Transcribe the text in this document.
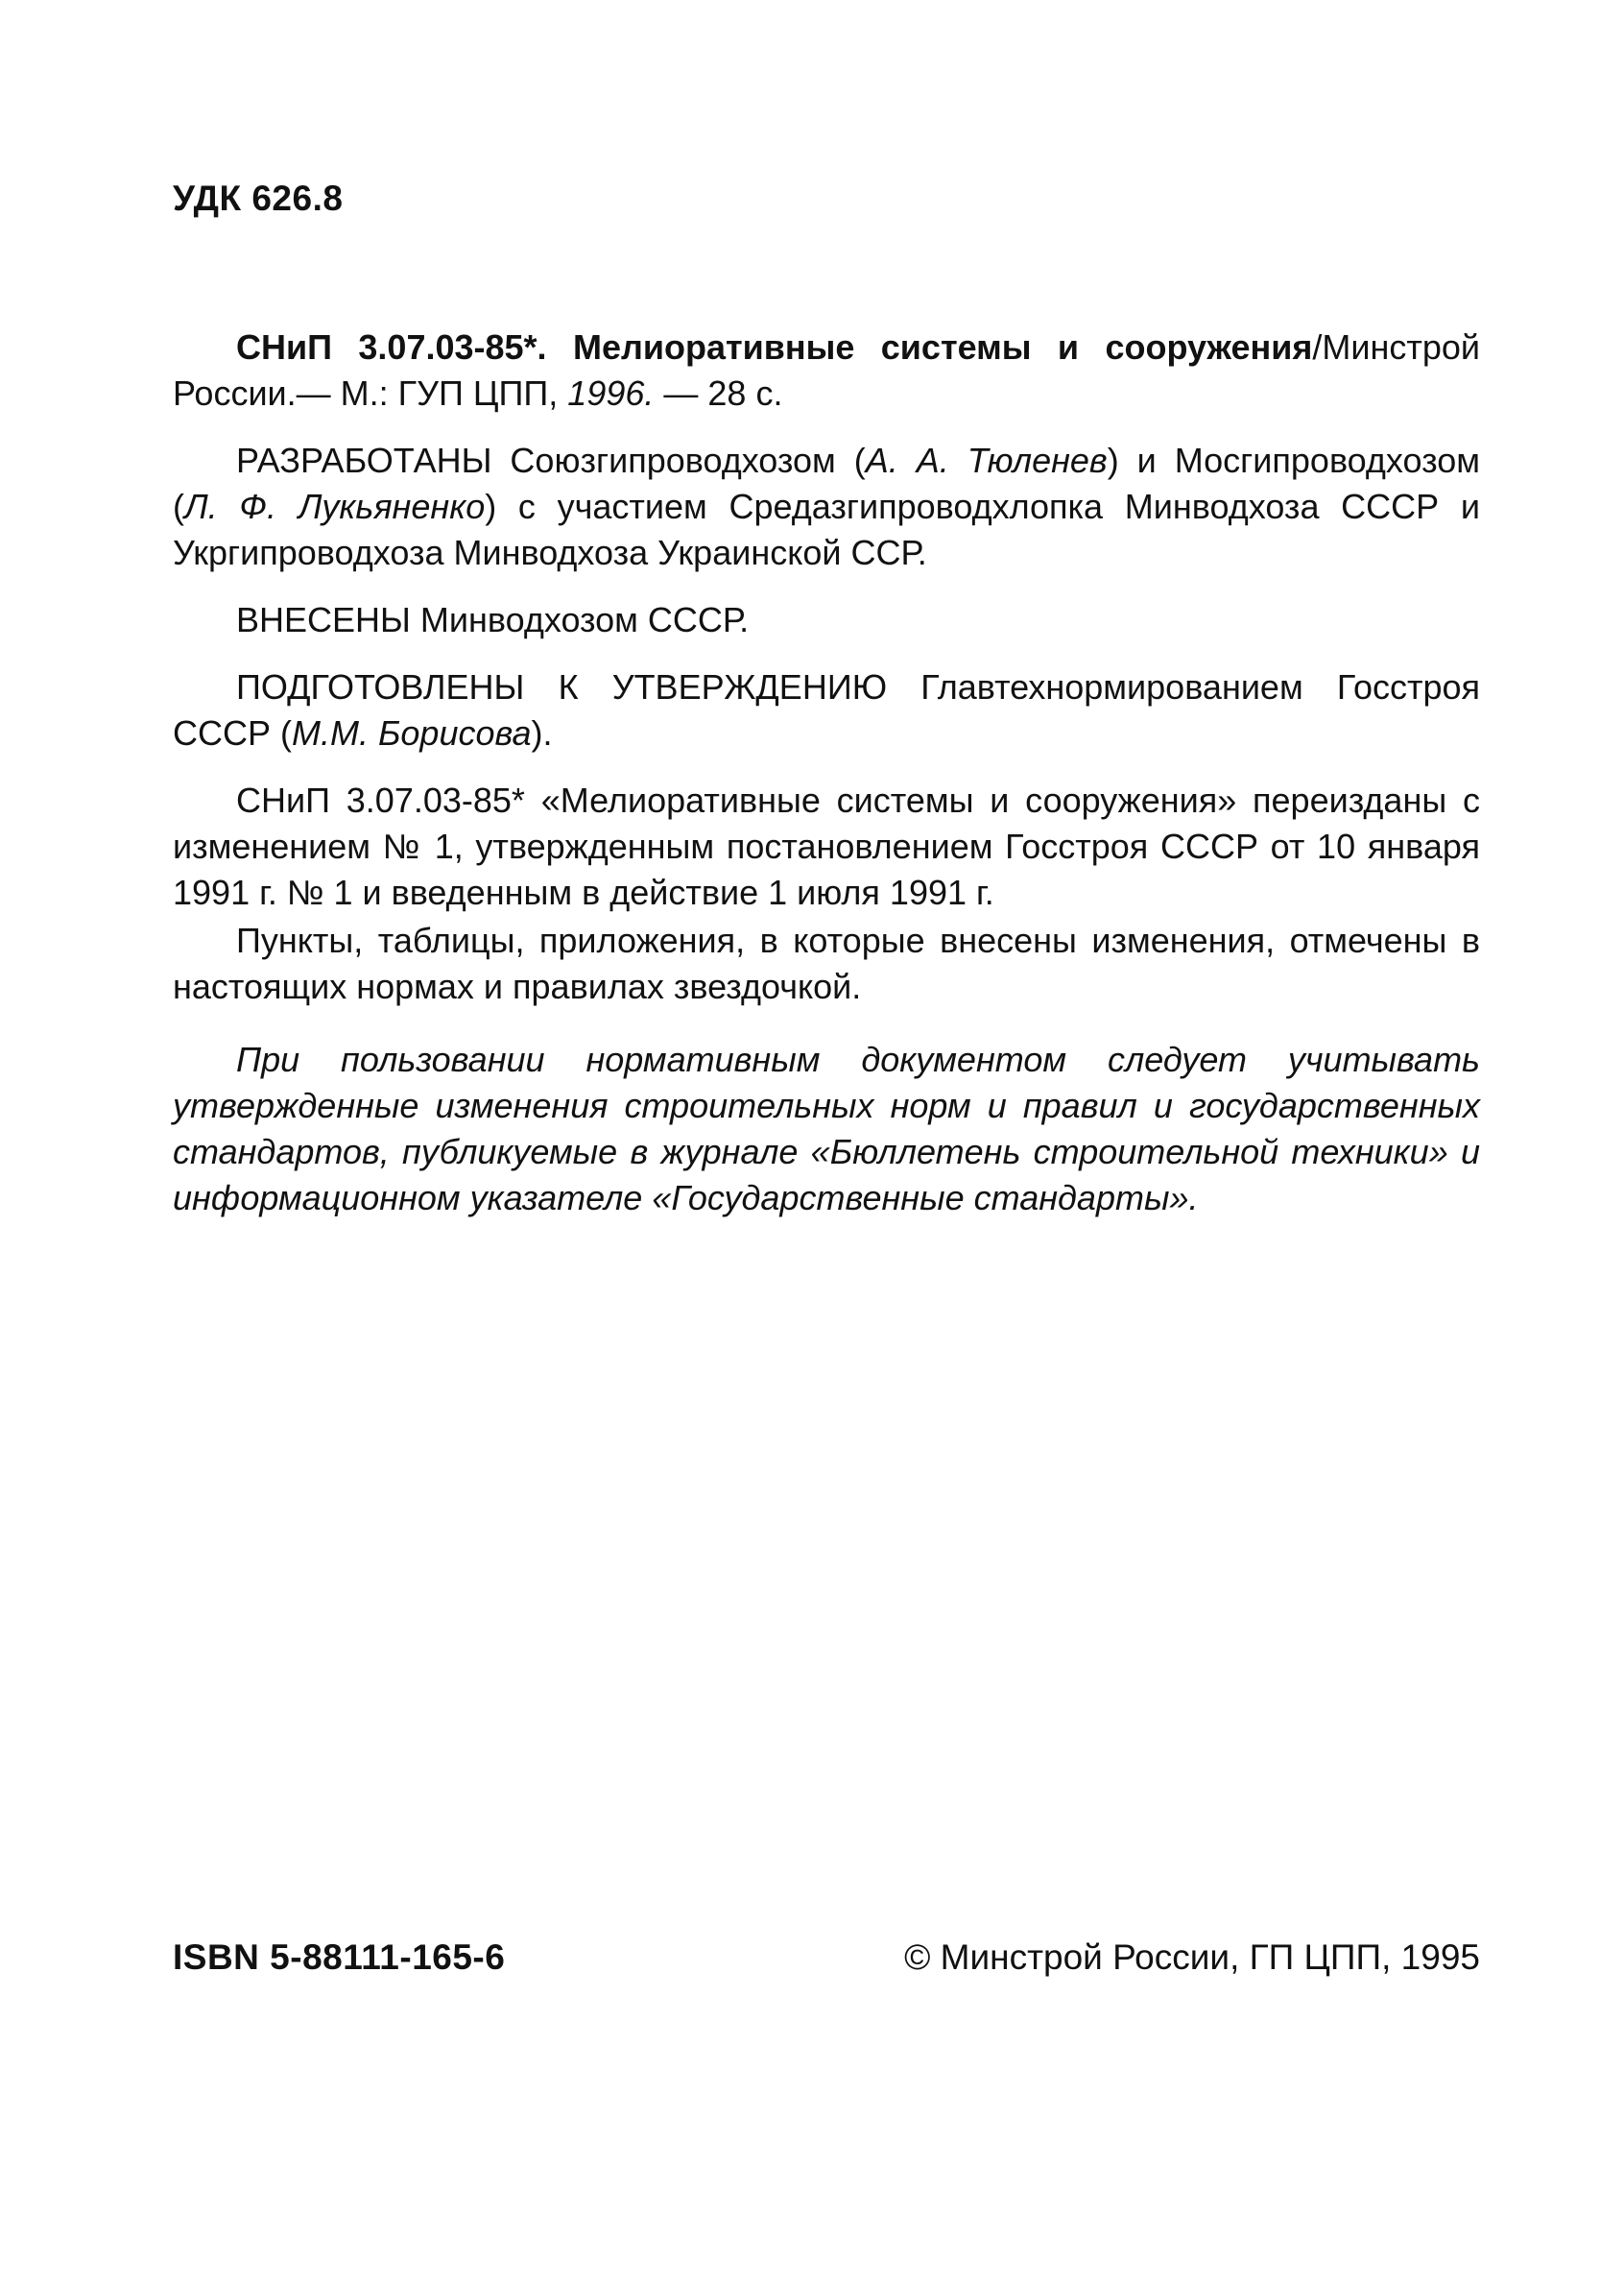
УДК 626.8

СНиП 3.07.03-85*. Мелиоративные системы и сооружения/Минстрой России.— М.: ГУП ЦПП, 1996. — 28 с.

РАЗРАБОТАНЫ Союзгипроводхозом (А. А. Тюленев) и Мосгипроводхозом (Л. Ф. Лукьяненко) с участием Средазгипроводхлопка Минводхоза СССР и Укргипроводхоза Минводхоза Украинской ССР.

ВНЕСЕНЫ Минводхозом СССР.

ПОДГОТОВЛЕНЫ К УТВЕРЖДЕНИЮ Главтехнормированием Госстроя СССР (М.М. Борисова).

СНиП 3.07.03-85* «Мелиоративные системы и сооружения» переизданы с изменением № 1, утвержденным постановлением Госстроя СССР от 10 января 1991 г. № 1 и введенным в действие 1 июля 1991 г.

Пункты, таблицы, приложения, в которые внесены изменения, отмечены в настоящих нормах и правилах звездочкой.

При пользовании нормативным документом следует учитывать утвержденные изменения строительных норм и правил и государственных стандартов, публикуемые в журнале «Бюллетень строительной техники» и информационном указателе «Государственные стандарты».

ISBN 5-88111-165-6	© Минстрой России, ГП ЦПП, 1995
